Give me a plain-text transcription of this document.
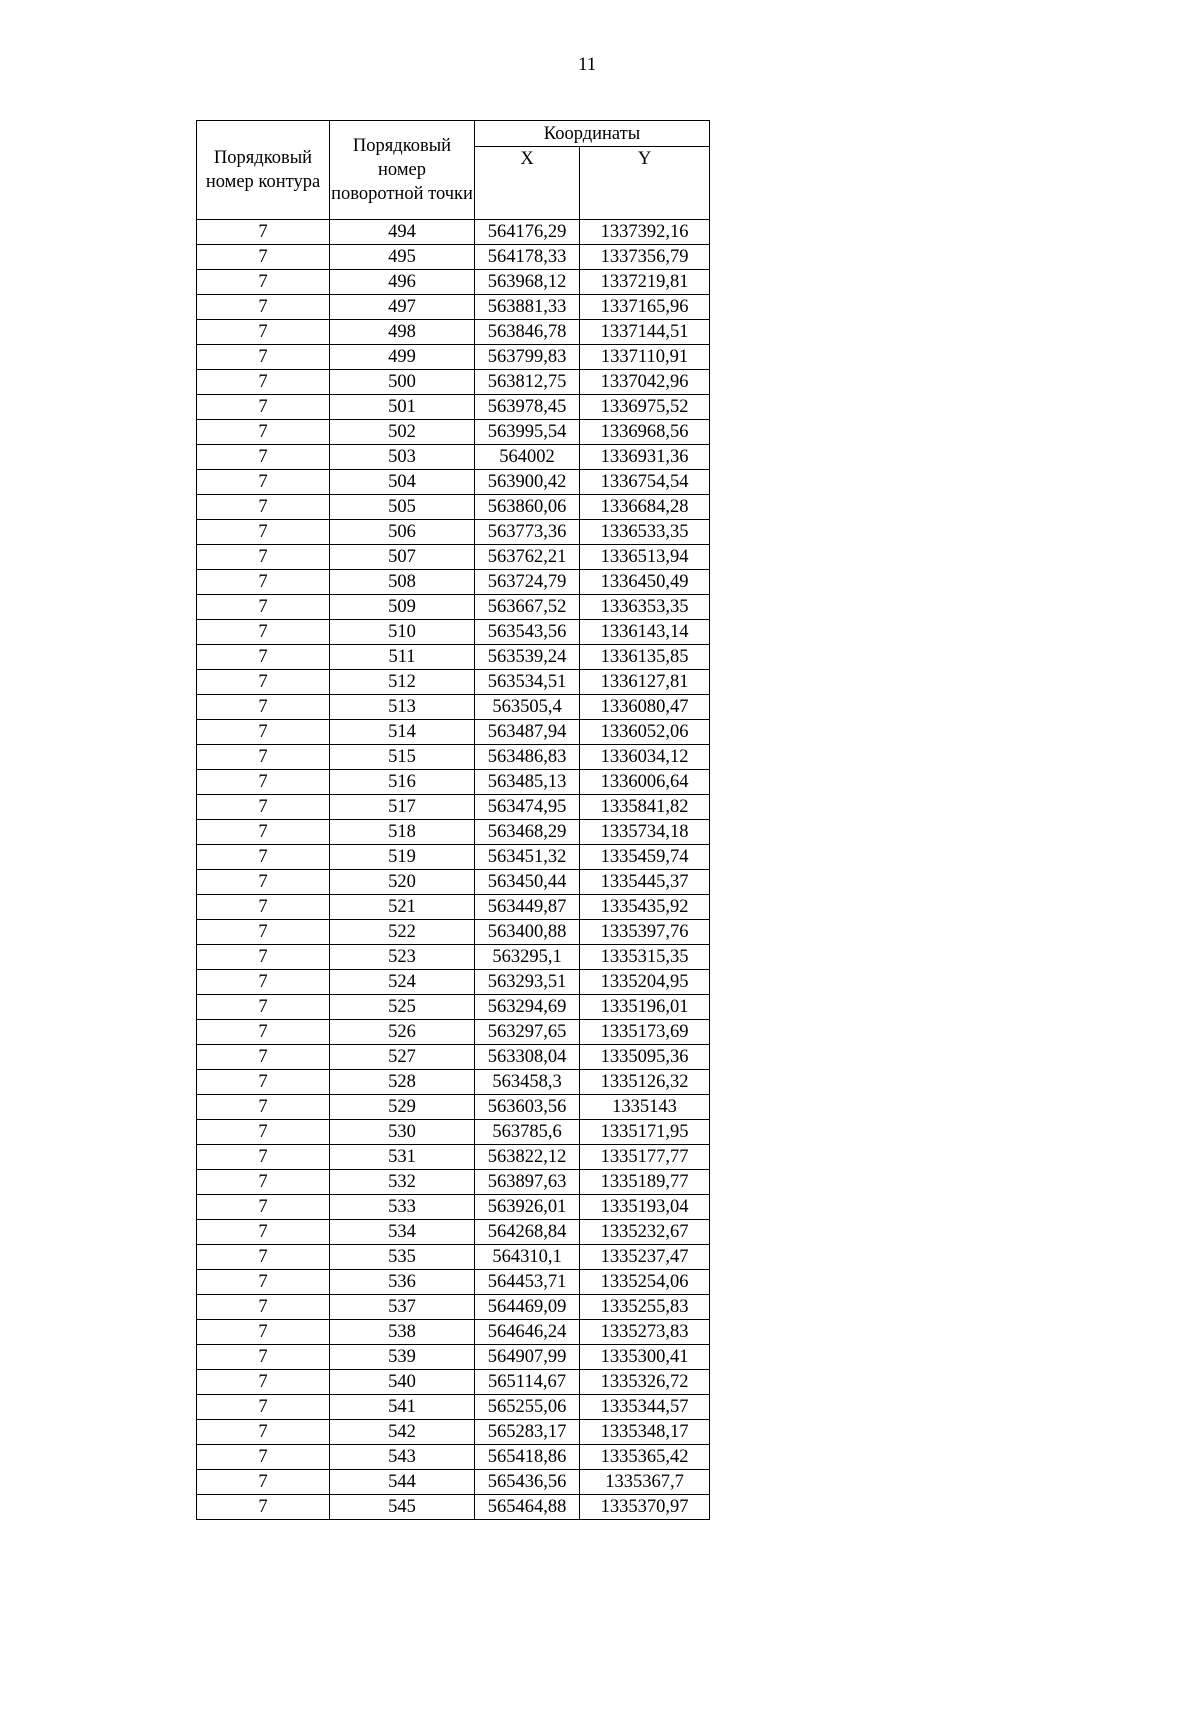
11
Порядковый номер контура	Порядковый номер поворотной точки	Координаты	
		X	Y
7	494	564176,29	1337392,16
7	495	564178,33	1337356,79
7	496	563968,12	1337219,81
7	497	563881,33	1337165,96
7	498	563846,78	1337144,51
7	499	563799,83	1337110,91
7	500	563812,75	1337042,96
7	501	563978,45	1336975,52
7	502	563995,54	1336968,56
7	503	564002	1336931,36
7	504	563900,42	1336754,54
7	505	563860,06	1336684,28
7	506	563773,36	1336533,35
7	507	563762,21	1336513,94
7	508	563724,79	1336450,49
7	509	563667,52	1336353,35
7	510	563543,56	1336143,14
7	511	563539,24	1336135,85
7	512	563534,51	1336127,81
7	513	563505,4	1336080,47
7	514	563487,94	1336052,06
7	515	563486,83	1336034,12
7	516	563485,13	1336006,64
7	517	563474,95	1335841,82
7	518	563468,29	1335734,18
7	519	563451,32	1335459,74
7	520	563450,44	1335445,37
7	521	563449,87	1335435,92
7	522	563400,88	1335397,76
7	523	563295,1	1335315,35
7	524	563293,51	1335204,95
7	525	563294,69	1335196,01
7	526	563297,65	1335173,69
7	527	563308,04	1335095,36
7	528	563458,3	1335126,32
7	529	563603,56	1335143
7	530	563785,6	1335171,95
7	531	563822,12	1335177,77
7	532	563897,63	1335189,77
7	533	563926,01	1335193,04
7	534	564268,84	1335232,67
7	535	564310,1	1335237,47
7	536	564453,71	1335254,06
7	537	564469,09	1335255,83
7	538	564646,24	1335273,83
7	539	564907,99	1335300,41
7	540	565114,67	1335326,72
7	541	565255,06	1335344,57
7	542	565283,17	1335348,17
7	543	565418,86	1335365,42
7	544	565436,56	1335367,7
7	545	565464,88	1335370,97
